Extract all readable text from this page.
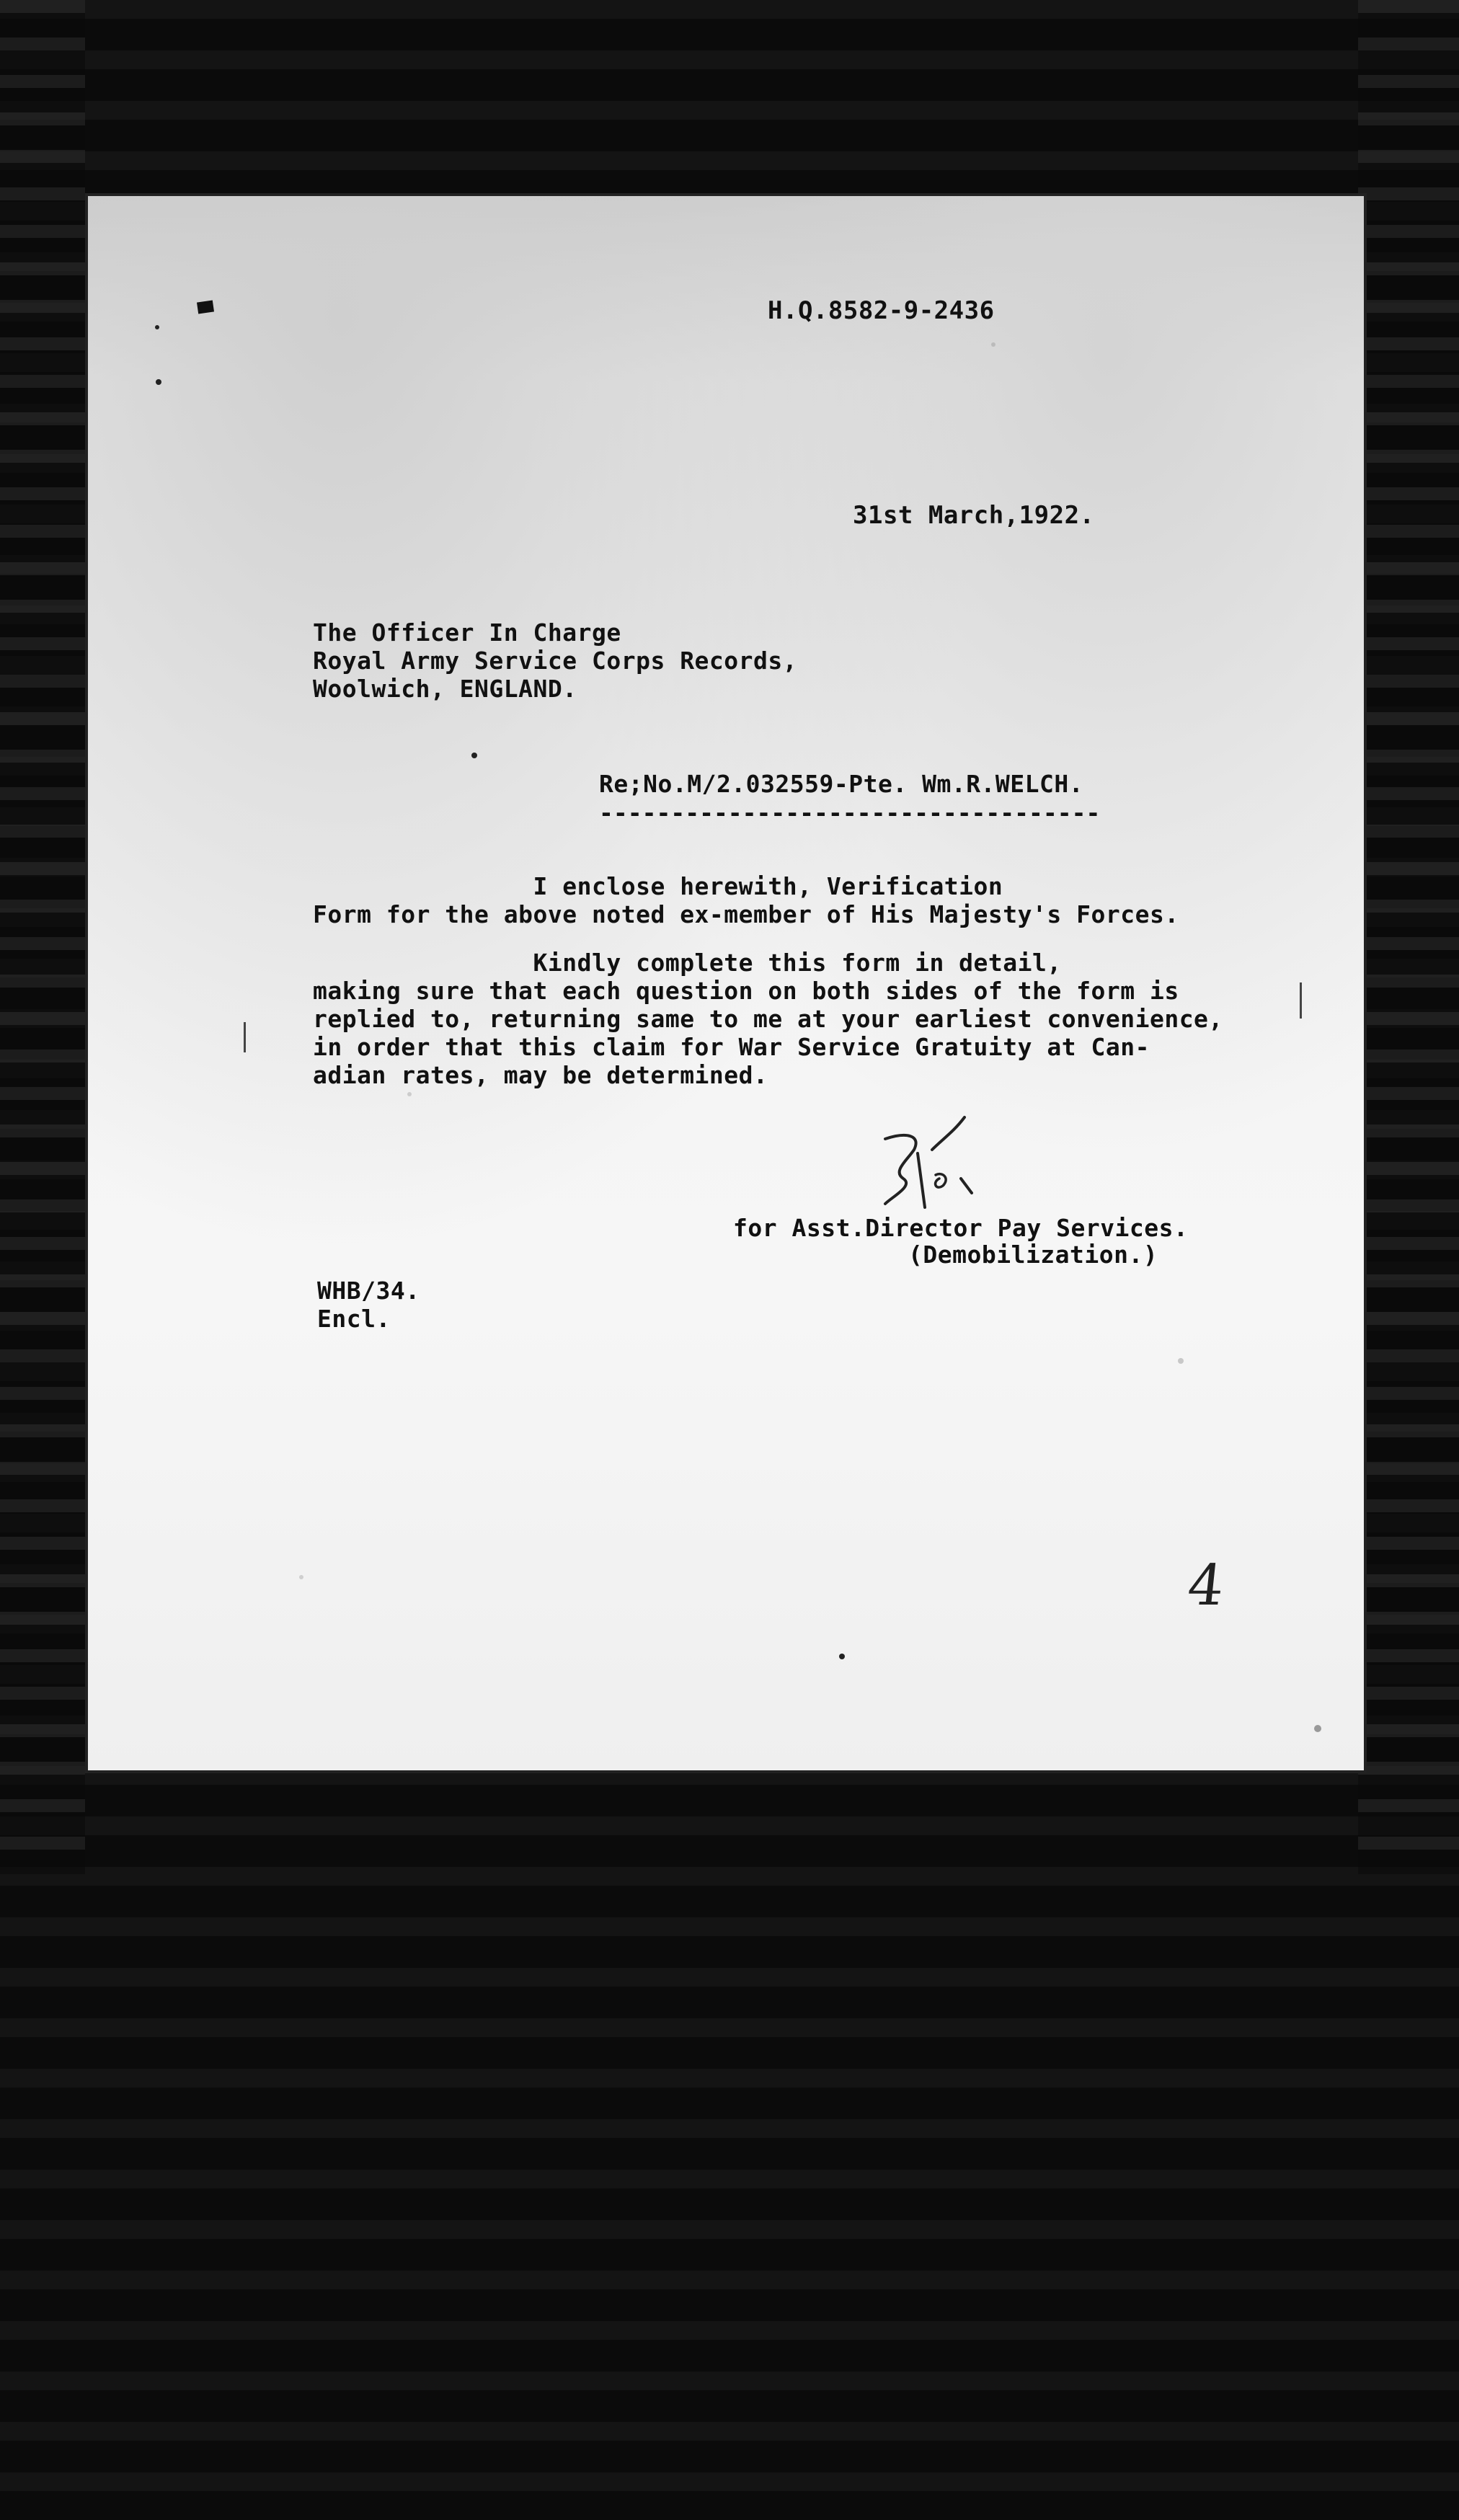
H.Q.8582-9-2436
31st March,1922.
The Officer In Charge
Royal Army Service Corps Records,
Woolwich, ENGLAND.
Re;No.M/2.032559-Pte. Wm.R.WELCH.
-----------------------------------
I enclose herewith, Verification
Form for the above noted ex-member of His Majesty's Forces.
Kindly complete this form in detail,
making sure that each question on both sides of the form is
replied to, returning same to me at your earliest convenience,
in order that this claim for War Service Gratuity at Can-
adian rates, may be determined.
for Asst.Director Pay Services.
(Demobilization.)
WHB/34.
Encl.
4
